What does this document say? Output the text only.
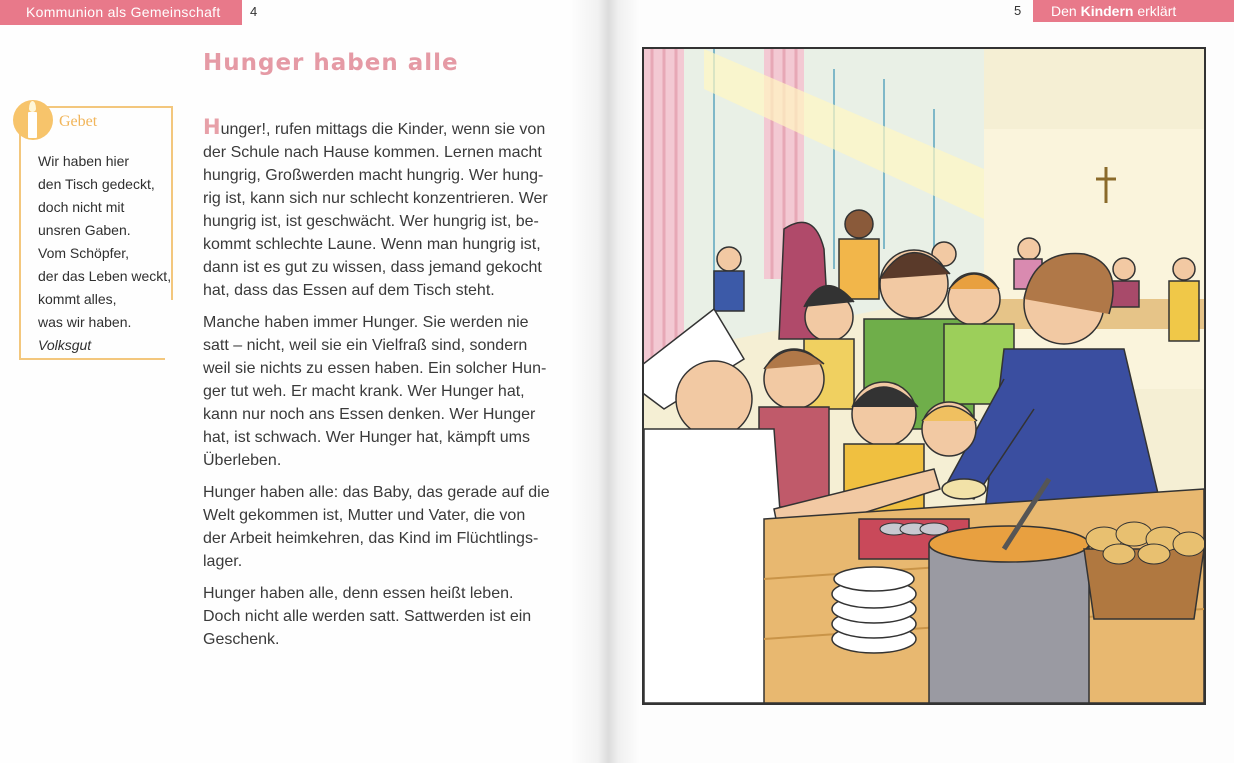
Kommunion als Gemeinschaft	4	5	Den Kindern erklärt
Hunger haben alle
Gebet
Wir haben hier
den Tisch gedeckt,
doch nicht mit
unsren Gaben.
Vom Schöpfer,
der das Leben weckt,
kommt alles,
was wir haben.
Volksgut

Hunger!, rufen mittags die Kinder, wenn sie von
der Schule nach Hause kommen. Lernen macht
hungrig, Großwerden macht hungrig. Wer hung-
rig ist, kann sich nur schlecht konzentrieren. Wer
hungrig ist, ist geschwächt. Wer hungrig ist, be-
kommt schlechte Laune. Wenn man hungrig ist,
dann ist es gut zu wissen, dass jemand gekocht
hat, dass das Essen auf dem Tisch steht.

Manche haben immer Hunger. Sie werden nie
satt – nicht, weil sie ein Vielfraß sind, sondern
weil sie nichts zu essen haben. Ein solcher Hun-
ger tut weh. Er macht krank. Wer Hunger hat,
kann nur noch ans Essen denken. Wer Hunger
hat, ist schwach. Wer Hunger hat, kämpft ums
Überleben.

Hunger haben alle: das Baby, das gerade auf die
Welt gekommen ist, Mutter und Vater, die von
der Arbeit heimkehren, das Kind im Flüchtlings-
lager.

Hunger haben alle, denn essen heißt leben.
Doch nicht alle werden satt. Sattwerden ist ein
Geschenk.
